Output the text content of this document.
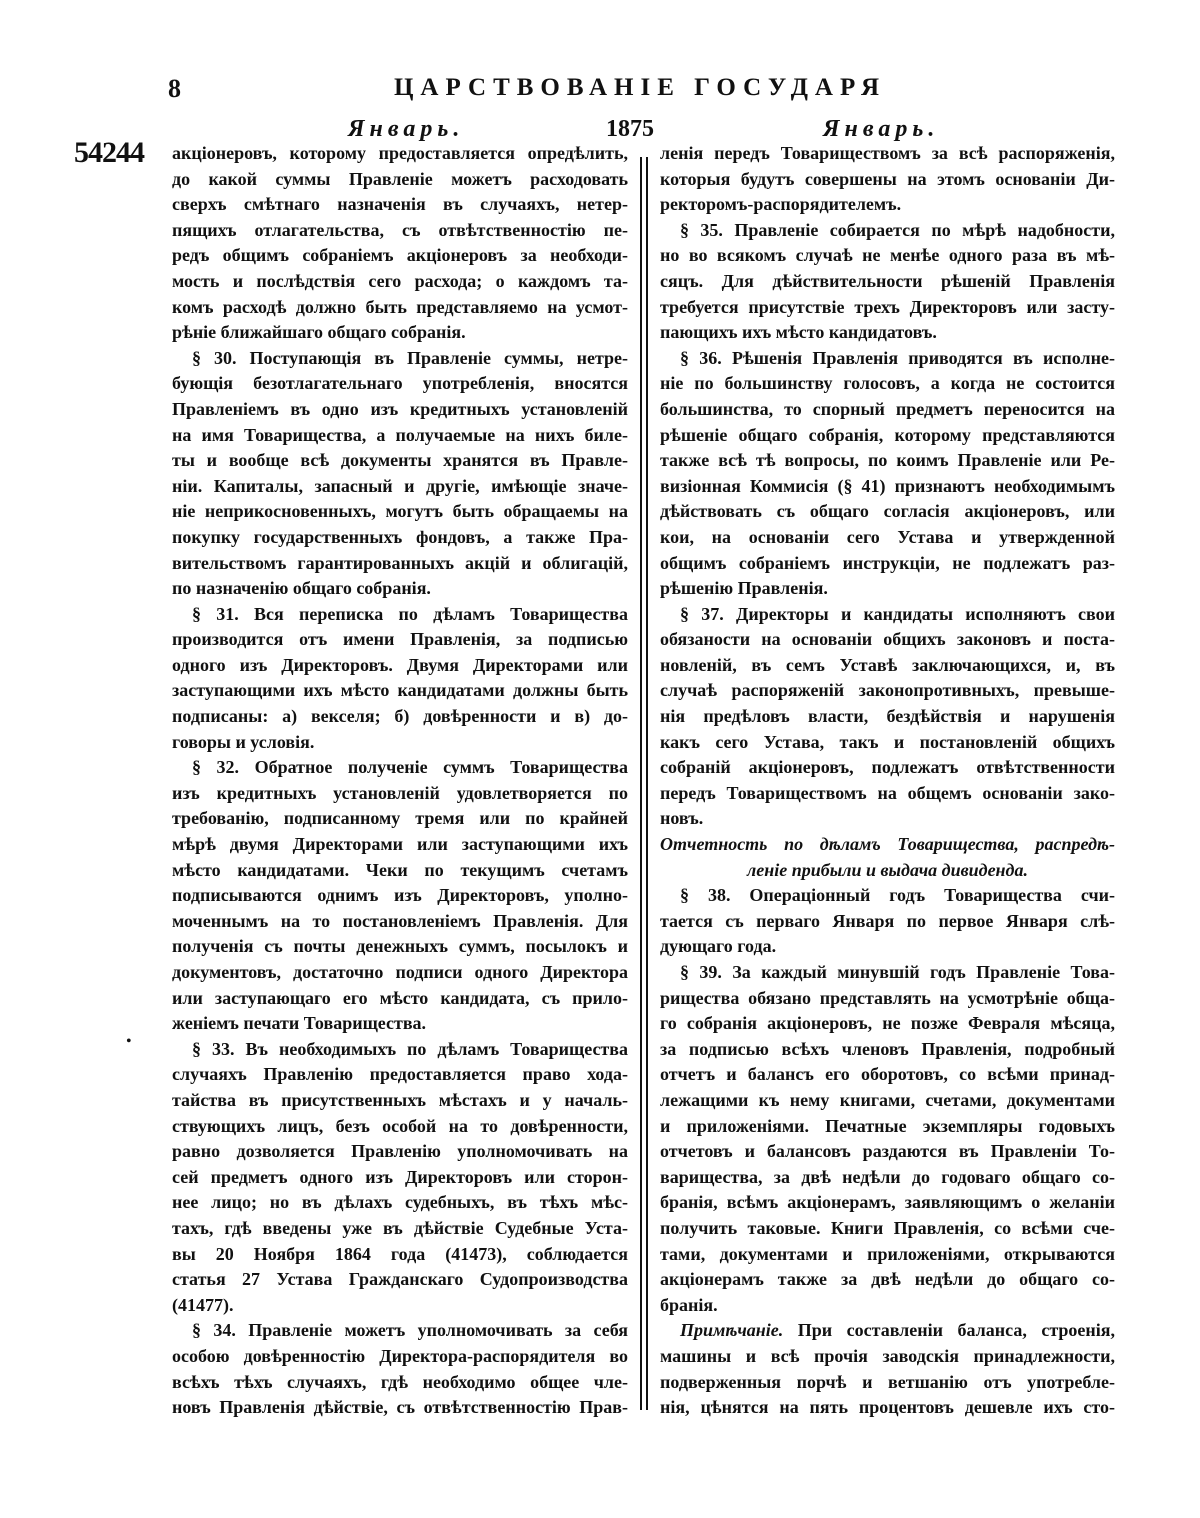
8	ЦАРСТВОВАНІЕ ГОСУДАРЯ
Январь.	1875	Январь.
54244
•
акціонеровъ, которому предоставляется опредѣлить,
до какой суммы Правленіе можетъ расходовать
сверхъ смѣтнаго назначенія въ случаяхъ, нетер-
пящихъ отлагательства, съ отвѣтственностію пе-
редъ общимъ собраніемъ акціонеровъ за необходи-
мость и послѣдствія сего расхода; о каждомъ та-
комъ расходѣ должно быть представляемо на усмот-
рѣніе ближайшаго общаго собранія.
§ 30. Поступающія въ Правленіе суммы, нетре-
бующія безотлагательнаго употребленія, вносятся
Правленіемъ въ одно изъ кредитныхъ установленій
на имя Товарищества, а получаемые на нихъ биле-
ты и вообще всѣ документы хранятся въ Правле-
ніи. Капиталы, запасный и другіе, имѣющіе значе-
ніе неприкосновенныхъ, могутъ быть обращаемы на
покупку государственныхъ фондовъ, а также Пра-
вительствомъ гарантированныхъ акцій и облигацій,
по назначенію общаго собранія.
§ 31. Вся переписка по дѣламъ Товарищества
производится отъ имени Правленія, за подписью
одного изъ Директоровъ. Двумя Директорами или
заступающими ихъ мѣсто кандидатами должны быть
подписаны: а) векселя; б) довѣренности и в) до-
говоры и условія.
§ 32. Обратное полученіе суммъ Товарищества
изъ кредитныхъ установленій удовлетворяется по
требованію, подписанному тремя или по крайней
мѣрѣ двумя Директорами или заступающими ихъ
мѣсто кандидатами. Чеки по текущимъ счетамъ
подписываются однимъ изъ Директоровъ, уполно-
моченнымъ на то постановленіемъ Правленія. Для
полученія съ почты денежныхъ суммъ, посылокъ и
документовъ, достаточно подписи одного Директора
или заступающаго его мѣсто кандидата, съ прило-
женіемъ печати Товарищества.
§ 33. Въ необходимыхъ по дѣламъ Товарищества
случаяхъ Правленію предоставляется право хода-
тайства въ присутственныхъ мѣстахъ и у началь-
ствующихъ лицъ, безъ особой на то довѣренности,
равно дозволяется Правленію уполномочивать на
сей предметъ одного изъ Директоровъ или сторон-
нее лицо; но въ дѣлахъ судебныхъ, въ тѣхъ мѣс-
тахъ, гдѣ введены уже въ дѣйствіе Судебные Уста-
вы 20 Ноября 1864 года (41473), соблюдается
статья 27 Устава Гражданскаго Судопроизводства
(41477).
§ 34. Правленіе можетъ уполномочивать за себя
особою довѣренностію Директора-распорядителя во
всѣхъ тѣхъ случаяхъ, гдѣ необходимо общее чле-
новъ Правленія дѣйствіе, съ отвѣтственностію Прав-
ленія передъ Товариществомъ за всѣ распоряженія,
которыя будутъ совершены на этомъ основаніи Ди-
ректоромъ-распорядителемъ.
§ 35. Правленіе собирается по мѣрѣ надобности,
но во всякомъ случаѣ не менѣе одного раза въ мѣ-
сяцъ. Для дѣйствительности рѣшеній Правленія
требуется присутствіе трехъ Директоровъ или засту-
пающихъ ихъ мѣсто кандидатовъ.
§ 36. Рѣшенія Правленія приводятся въ исполне-
ніе по большинству голосовъ, а когда не состоится
большинства, то спорный предметъ переносится на
рѣшеніе общаго собранія, которому представляются
также всѣ тѣ вопросы, по коимъ Правленіе или Ре-
визіонная Коммисія (§ 41) признаютъ необходимымъ
дѣйствовать съ общаго согласія акціонеровъ, или
кои, на основаніи сего Устава и утвержденной
общимъ собраніемъ инструкціи, не подлежатъ раз-
рѣшенію Правленія.
§ 37. Директоры и кандидаты исполняютъ свои
обязаности на основаніи общихъ законовъ и поста-
новленій, въ семъ Уставѣ заключающихся, и, въ
случаѣ распоряженій законопротивныхъ, превыше-
нія предѣловъ власти, бездѣйствія и нарушенія
какъ сего Устава, такъ и постановленій общихъ
собраній акціонеровъ, подлежатъ отвѣтственности
передъ Товариществомъ на общемъ основаніи зако-
новъ.
Отчетность по дѣламъ Товарищества, распредѣ-
леніе прибыли и выдача дивиденда.
§ 38. Операціонный годъ Товарищества счи-
тается съ перваго Января по первое Января слѣ-
дующаго года.
§ 39. За каждый минувшій годъ Правленіе Това-
рищества обязано представлять на усмотрѣніе обща-
го собранія акціонеровъ, не позже Февраля мѣсяца,
за подписью всѣхъ членовъ Правленія, подробный
отчетъ и балансъ его оборотовъ, со всѣми принад-
лежащими къ нему книгами, счетами, документами
и приложеніями. Печатные экземпляры годовыхъ
отчетовъ и балансовъ раздаются въ Правленіи То-
варищества, за двѣ недѣли до годоваго общаго со-
бранія, всѣмъ акціонерамъ, заявляющимъ о желаніи
получить таковые. Книги Правленія, со всѣми сче-
тами, документами и приложеніями, открываются
акціонерамъ также за двѣ недѣли до общаго со-
бранія.
Примѣчаніе. При составленіи баланса, строенія,
машины и всѣ прочія заводскія принадлежности,
подверженныя порчѣ и ветшанію отъ употребле-
нія, цѣнятся на пять процентовъ дешевле ихъ сто-
